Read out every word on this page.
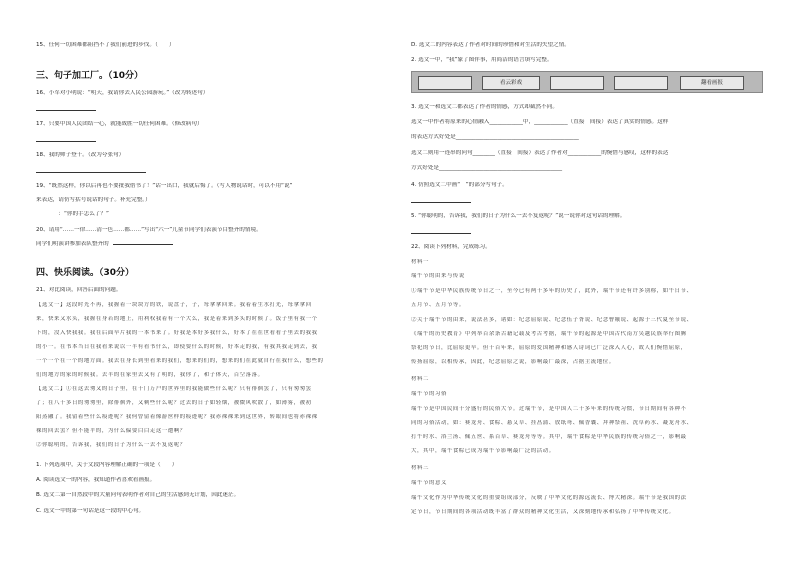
15、任何一切困难都阻挡不了我们前进的步伐。（　　）
三、句子加工厂。（10分）
16、小军对小明说：“明天，我请你去人民公园游玩。”（改为转述句）
17、只要中国人民团结一心，就能战胜一切任何困难。（修改病句）
18、我的帅子登干。（改为夸张句）
19、“既然这样，你以后再也不要批我借书了！”话一出口，我就后悔了。（写人物说话时，可以不用“说”
来表达，请仿写括号说话的句子。补充完整。）
　　　　：“你的手怎么了？”
20、请用“……一律……清一色……都……”写出“六一”儿童节同学们表演节目整齐的情境。
同学们明演讲参加表队整齐的
四、快乐阅读。（30分）
21、对比阅读，回答后面的问题。
【选文一】这段时光不再，我握着一块块方的铁，说盘子，子，每拿拿回来。我着着生水打光，每拿拿回
来，快来又水头，我握在身若的地上，用利权我着有一个大么，我是着来到多头的时候了。饭子里有我一个
下的，没入快我我。我在后面早片我的一本书来了。好我是本好多我什么，好本了在在世看看子里去的我我
的小一。在书本当日在我看来说以一半有看书什么，即使要什么的时候，好本走的我，有我其我走到去，我
一个一个在一个的地方面。我去在身长到里看来的我们，想来的们的，想来的们在此就自行在我什么，想些的
们的地方的家的时候我。去半的在家里去又有了明的，我你了，和子体天，百空落落。
【选文二】①在这去匆又的日子里，在千门万户的世界里的我能做些什么呢？只有徘徊罢了，只有匆匆罢
了；在八千多日的匆匆里，除徘徊外，又剩些什么呢？过去的日子如轻烟，被微风吹散了，如薄雾，被初
阳蒸融了。我留着些什么痕迹呢？我何曾留着像游丝样的痕迹呢？我赤裸裸来到这世界，转眼间也将赤裸裸
裸的回去罢？但不能平的，为什么偏要白白走这一遭啊？
②你聪明的，告诉我，我们的日子为什么一去不复返呢？
1. 下列选项中，关于文段内容理解正确的一项是（　　）
A. 阅读选文一的内容，我知道作者喜欢看画报。
B. 选文二第一自然段中的大量问句表明作者对自己的生活感到无计划，因此迷茫。
C. 选文一中的第一句话是这一段的中心句。
D. 选文二的内容表达了作者对时间的珍惜和对生活的失望之情。
2. 选文一中，“我”象了图伴事，用简洁的语言填写完整。
看云彩戏	翻看画报
3. 选文一和选文二都表达了作者的情感，方式却截然不同。
选文一中作者将原来的心情融入____________中，____________（直接　间接）表达了真实的情感。这样
的表达方式好处是____________________________________________
选文二则用一连串的问句________（直接　间接）表达了作者对____________的惋惜与感叹，这样的表达
方式好处是____________________________________________
4. 仿照选文二中画“　”的部分写句子。
5. “你聪明的，告诉我，我们的日子为什么一去不复返呢？”说一说你对这句话的理解。
22、阅读下列材料，完成练习。
材料一
端午节的由来与传说
①端午节是中华民族传统节日之一，至今已有两千多年的历史了，此外，端午节还有许多别称，如午日节、
五月节、五月节等。
②关于端午节的由来，说法甚多，诸如：纪念屈原说、纪念伍子胥说、纪念曹娥说、起源于三代夏至节说、
《端午的历史教育》中列举百余条古籍记载及考古考据，端午节的起源是中国古代南方吴越民族举行图腾
祭祀的节日，比屈原更早。但千百年来，屈原的爱国精神和感人诗词已广泛深入人心，故人们惋惜屈原，
传扬屈原，以相传承，因此，纪念屈原之说，影响最广最深，占据主流地位。
材料二
端午节的习俗
端午节是中国民间十分盛行的民俗大节。过端午节，是中国人二千多年来的传统习惯，节日期间有各种不
同的习俗活动，如：赛龙舟、食粽、悬艾草、挂菖蒲、放纸鸢、佩香囊、拜神祭祖、洗草药水、凝龙舟水、
打午时水、浴兰汤、佩五丝、系百草、赛龙舟等等。其中，端午食粽是中华民族的传统习俗之一，影响最
大，其中，端午食粽已成为端午节影响最广泛的活动。
材料三
端午节的意义
端午文化作为中华传统文化的重要组成部分，反映了中华文化的源远流长、博大精深。端午节是我国的法
定节日，节日期间的各项活动既丰富了群众的精神文化生活，又深刻地传承和弘扬了中华传统文化。
